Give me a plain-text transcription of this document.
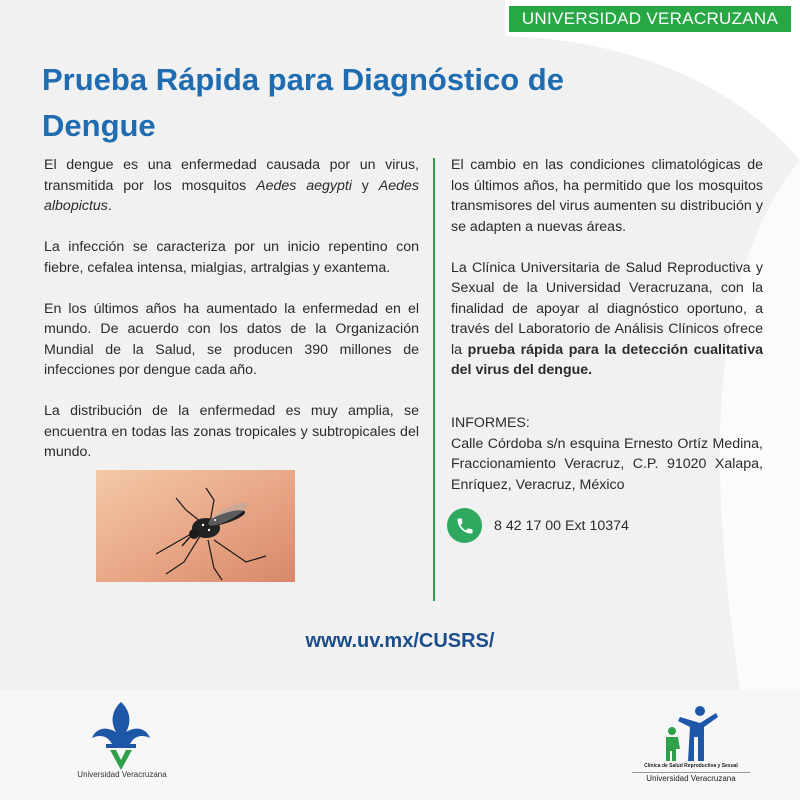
UNIVERSIDAD VERACRUZANA
Prueba Rápida para Diagnóstico de Dengue

El dengue es una enfermedad causada por un virus, transmitida por los mosquitos Aedes aegypti y Aedes albopictus.

La infección se caracteriza por un inicio repentino con fiebre, cefalea intensa, mialgias, artralgias y exantema.

En los últimos años ha aumentado la enfermedad en el mundo. De acuerdo con los datos de la Organización Mundial de la Salud, se producen 390 millones de infecciones por dengue cada año.

La distribución de la enfermedad es muy amplia, se encuentra en todas las zonas tropicales y subtropicales del mundo.

El cambio en las condiciones climatológicas de los últimos años, ha permitido que los mosquitos transmisores del virus aumenten su distribución y se adapten a nuevas áreas.

La Clínica Universitaria de Salud Reproductiva y Sexual de la Universidad Veracruzana, con la finalidad de apoyar al diagnóstico oportuno, a través del Laboratorio de Análisis Clínicos ofrece la prueba rápida para la detección cualitativa del virus del dengue.

INFORMES:
Calle Córdoba s/n esquina Ernesto Ortíz Medina, Fraccionamiento Veracruz, C.P. 91020 Xalapa, Enríquez, Veracruz, México
8 42 17 00 Ext 10374
www.uv.mx/CUSRS/
Universidad Veracruzana
Clínica de Salud Reproductiva y Sexual
Universidad Veracruzana
